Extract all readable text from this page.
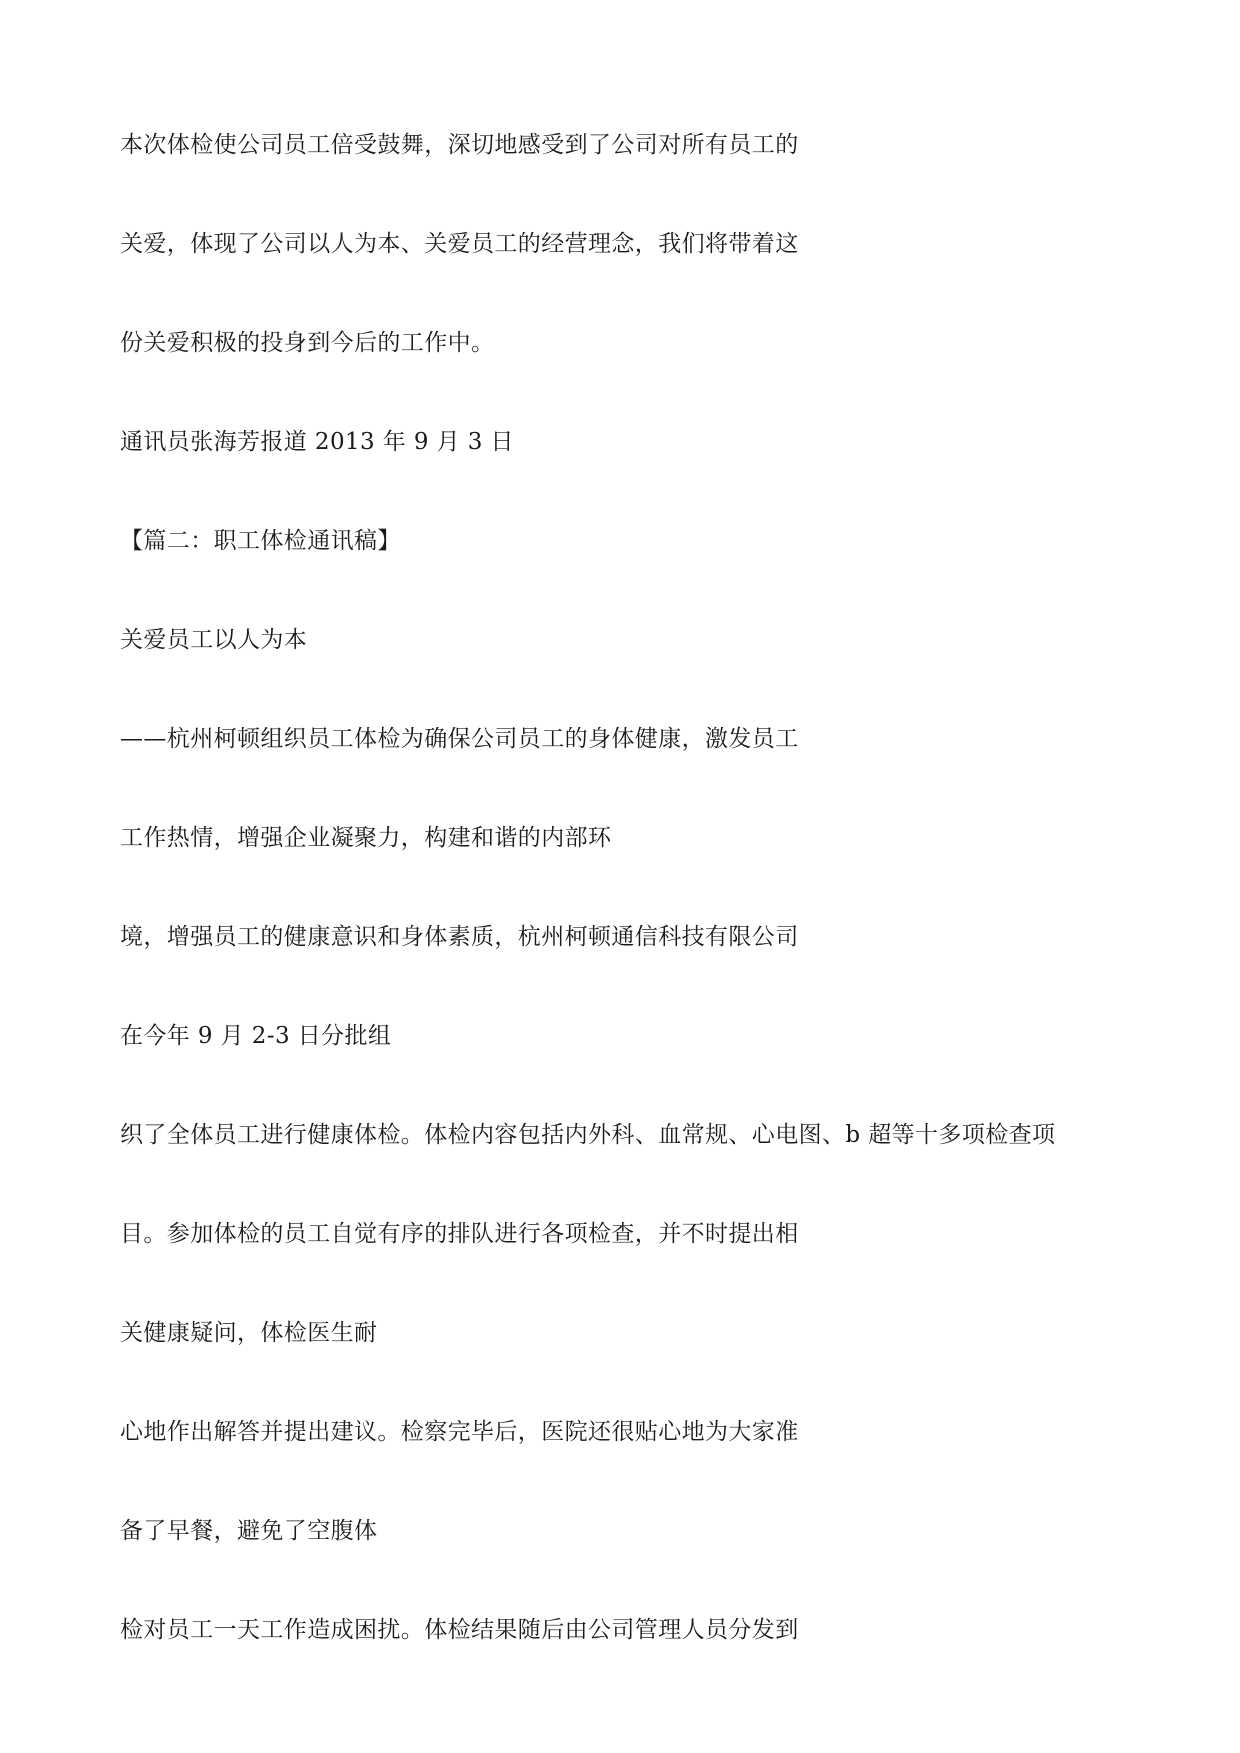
本次体检使公司员工倍受鼓舞，深切地感受到了公司对所有员工的

关爱，体现了公司以人为本、关爱员工的经营理念，我们将带着这

份关爱积极的投身到今后的工作中。

通讯员张海芳报道 2013 年 9 月 3 日

【篇二：职工体检通讯稿】

关爱员工以人为本

——杭州柯顿组织员工体检为确保公司员工的身体健康，激发员工

工作热情，增强企业凝聚力，构建和谐的内部环

境，增强员工的健康意识和身体素质，杭州柯顿通信科技有限公司

在今年 9 月 2-3 日分批组

织了全体员工进行健康体检。体检内容包括内外科、血常规、心电图、b 超等十多项检查项

目。参加体检的员工自觉有序的排队进行各项检查，并不时提出相

关健康疑问，体检医生耐

心地作出解答并提出建议。检察完毕后，医院还很贴心地为大家准

备了早餐，避免了空腹体

检对员工一天工作造成困扰。体检结果随后由公司管理人员分发到
